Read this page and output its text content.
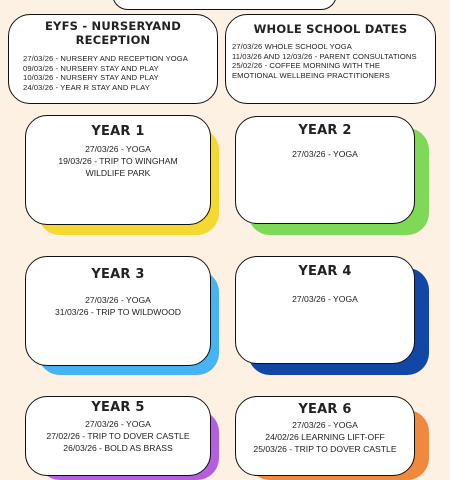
EYFS - NURSERYAND RECEPTION
27/03/26 - NURSERY AND RECEPTION YOGA
09/03/26 - NURSERY STAY AND PLAY
10/03/26 - NURSERY STAY AND PLAY
24/03/26 - YEAR R STAY AND PLAY
WHOLE SCHOOL DATES
27/03/26 WHOLE SCHOOL YOGA
11/03/26 AND 12/03/26 - PARENT CONSULTATIONS
25/02/26 - COFFEE MORNING WITH THE
EMOTIONAL WELLBEING PRACTITIONERS
YEAR 1
27/03/26 - YOGA
19/03/26 - TRIP TO WINGHAM
WILDLIFE PARK
YEAR 2
27/03/26 - YOGA
YEAR 3
27/03/26 - YOGA
31/03/26 - TRIP TO WILDWOOD
YEAR 4
27/03/26 - YOGA
YEAR 5
27/03/26 - YOGA
27/02/26 - TRIP TO DOVER CASTLE
26/03/26 - BOLD AS BRASS
YEAR 6
27/03/26 - YOGA
24/02/26 LEARNING LIFT-OFF
25/03/26 - TRIP TO DOVER CASTLE
